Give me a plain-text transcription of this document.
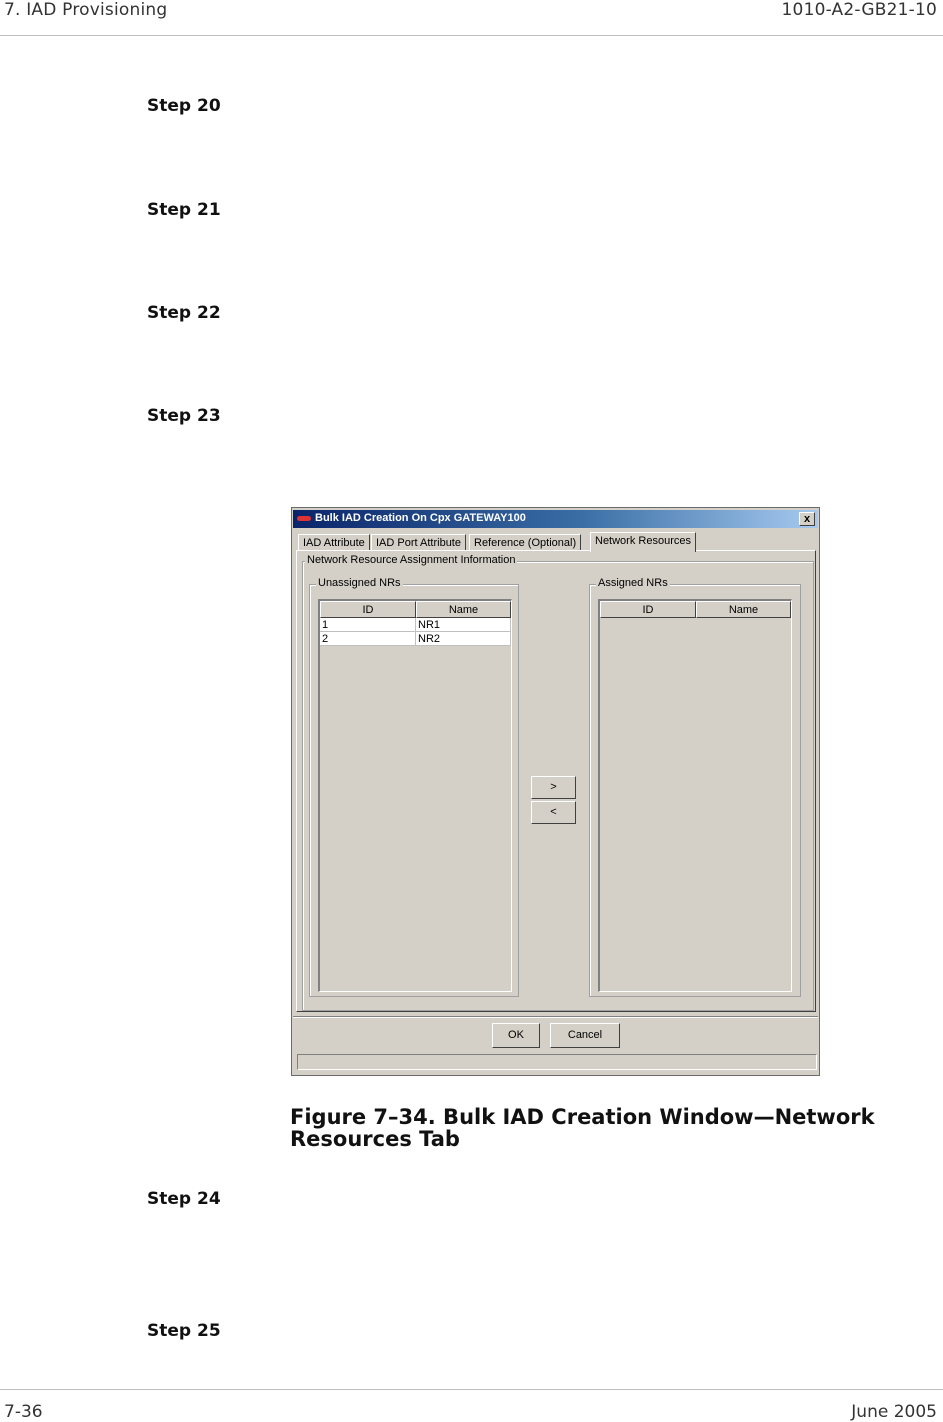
7. IAD Provisioning	1010-A2-GB21-10
Step 20
Step 21
Step 22
Step 23
Bulk IAD Creation On Cpx GATEWAY100	x
IAD Attribute	IAD Port Attribute	Reference (Optional)	Network Resources
Network Resource Assignment Information
Unassigned NRs
ID	Name
1	NR1
2	NR2
>
<
Assigned NRs
ID	Name
OK	Cancel
Figure 7–34. Bulk IAD Creation Window—Network Resources Tab
Step 24
Step 25
7-36	June 2005
